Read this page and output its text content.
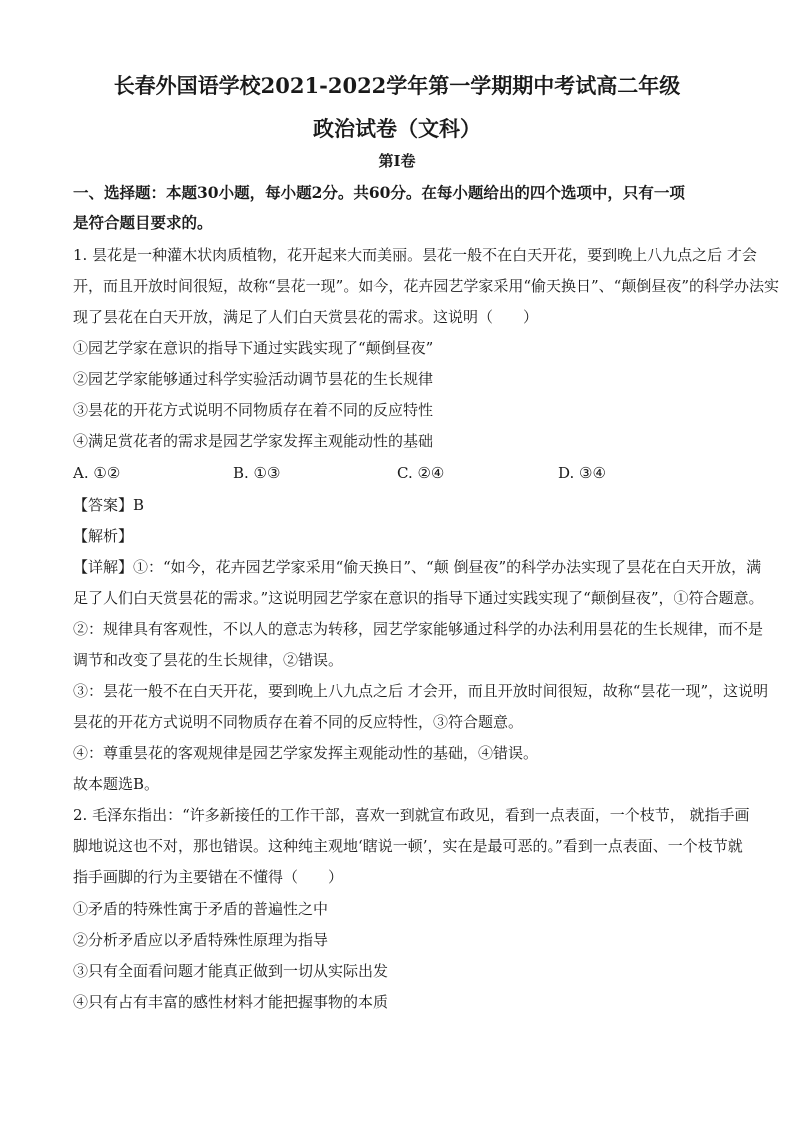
长春外国语学校2021-2022学年第一学期期中考试高二年级
政治试卷（文科）
第Ⅰ卷
一、选择题：本题30小题，每小题2分。共60分。在每小题给出的四个选项中，只有一项
是符合题目要求的。
1. 昙花是一种灌木状肉质植物，花开起来大而美丽。昙花一般不在白天开花，要到晚上八九点之后 才会
开，而且开放时间很短，故称“昙花一现”。如今，花卉园艺学家采用“偷天换日”、“颠倒昼夜”的科学办法实
现了昙花在白天开放，满足了人们白天赏昙花的需求。这说明（　　）
①园艺学家在意识的指导下通过实践实现了“颠倒昼夜”
②园艺学家能够通过科学实验活动调节昙花的生长规律
③昙花的开花方式说明不同物质存在着不同的反应特性
④满足赏花者的需求是园艺学家发挥主观能动性的基础
A. ①②	B. ①③	C. ②④	D. ③④
【答案】B
【解析】
【详解】①：“如今，花卉园艺学家采用“偷天换日”、“颠 倒昼夜”的科学办法实现了昙花在白天开放，满
足了人们白天赏昙花的需求。”这说明园艺学家在意识的指导下通过实践实现了“颠倒昼夜”，①符合题意。
②：规律具有客观性，不以人的意志为转移，园艺学家能够通过科学的办法利用昙花的生长规律，而不是
调节和改变了昙花的生长规律，②错误。
③：昙花一般不在白天开花，要到晚上八九点之后 才会开，而且开放时间很短，故称“昙花一现”，这说明
昙花的开花方式说明不同物质存在着不同的反应特性，③符合题意。
④：尊重昙花的客观规律是园艺学家发挥主观能动性的基础，④错误。
故本题选B。
2. 毛泽东指出：“许多新接任的工作干部，喜欢一到就宣布政见，看到一点表面，一个枝节， 就指手画
脚地说这也不对，那也错误。这种纯主观地‘瞎说一顿’，实在是最可恶的。”看到一点表面、一个枝节就
指手画脚的行为主要错在不懂得（　　）
①矛盾的特殊性寓于矛盾的普遍性之中
②分析矛盾应以矛盾特殊性原理为指导
③只有全面看问题才能真正做到一切从实际出发
④只有占有丰富的感性材料才能把握事物的本质
